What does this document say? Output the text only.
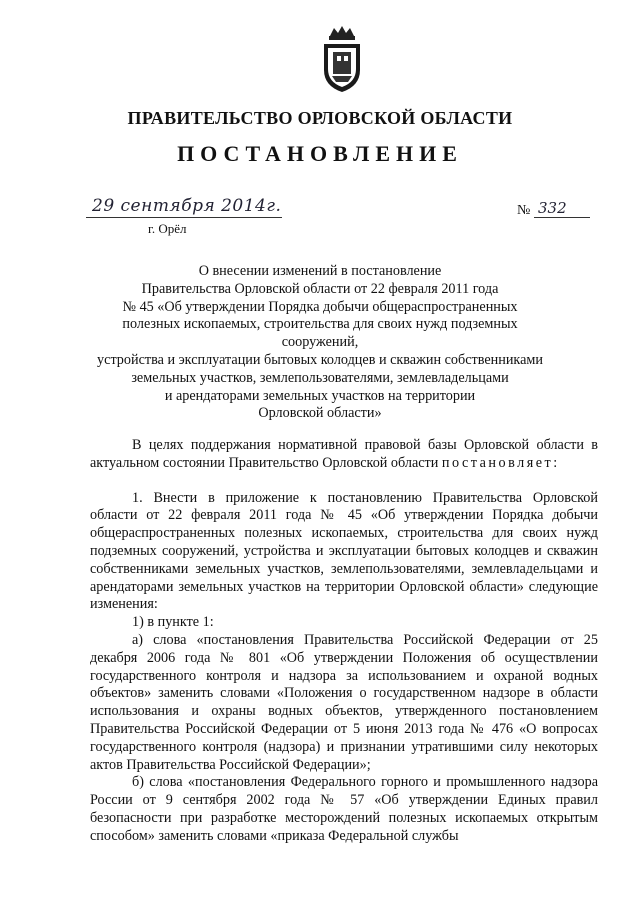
ПРАВИТЕЛЬСТВО ОРЛОВСКОЙ ОБЛАСТИ
ПОСТАНОВЛЕНИЕ
29 сентября 2014г.
г. Орёл
№ 332
О внесении изменений в постановление
Правительства Орловской области от 22 февраля 2011 года
№ 45 «Об утверждении Порядка добычи общераспространенных
полезных ископаемых, строительства для своих нужд подземных сооружений,
устройства и эксплуатации бытовых колодцев и скважин собственниками
земельных участков, землепользователями, землевладельцами
и арендаторами земельных участков на территории
Орловской области»

В целях поддержания нормативной правовой базы Орловской области в актуальном состоянии Правительство Орловской области постановляет:

1. Внести в приложение к постановлению Правительства Орловской области от 22 февраля 2011 года № 45 «Об утверждении Порядка добычи общераспространенных полезных ископаемых, строительства для своих нужд подземных сооружений, устройства и эксплуатации бытовых колодцев и скважин собственниками земельных участков, землепользователями, землевладельцами и арендаторами земельных участков на территории Орловской области» следующие изменения:

1) в пункте 1:

а) слова «постановления Правительства Российской Федерации от 25 декабря 2006 года № 801 «Об утверждении Положения об осуществлении государственного контроля и надзора за использованием и охраной водных объектов» заменить словами «Положения о государственном надзоре в области использования и охраны водных объектов, утвержденного постановлением Правительства Российской Федерации от 5 июня 2013 года № 476 «О вопросах государственного контроля (надзора) и признании утратившими силу некоторых актов Правительства Российской Федерации»;

б) слова «постановления Федерального горного и промышленного надзора России от 9 сентября 2002 года № 57 «Об утверждении Единых правил безопасности при разработке месторождений полезных ископаемых открытым способом» заменить словами «приказа Федеральной службы
